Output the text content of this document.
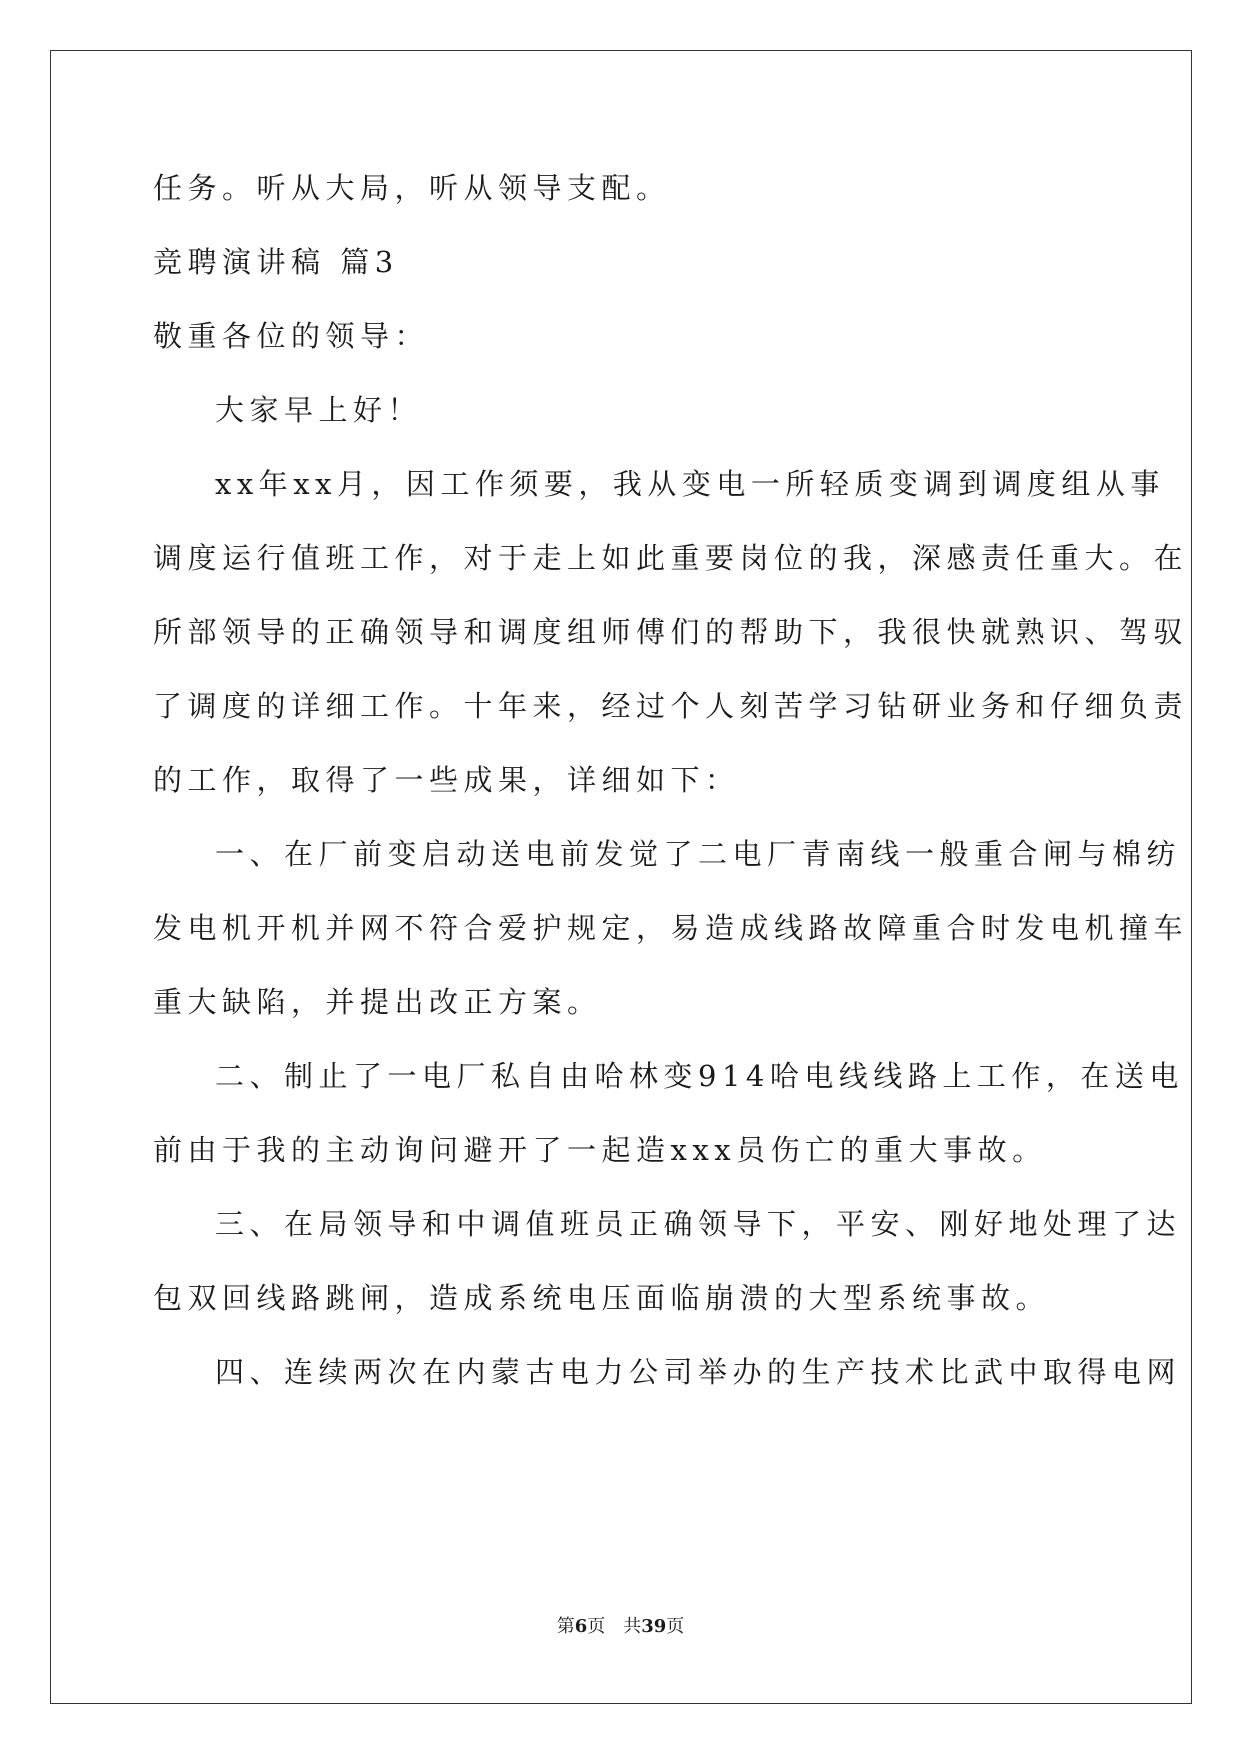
任务。听从大局，听从领导支配。
竞聘演讲稿 篇3
敬重各位的领导：
大家早上好！
xx年xx月，因工作须要，我从变电一所轻质变调到调度组从事
调度运行值班工作，对于走上如此重要岗位的我，深感责任重大。在
所部领导的正确领导和调度组师傅们的帮助下，我很快就熟识、驾驭
了调度的详细工作。十年来，经过个人刻苦学习钻研业务和仔细负责
的工作，取得了一些成果，详细如下：
一、在厂前变启动送电前发觉了二电厂青南线一般重合闸与棉纺
发电机开机并网不符合爱护规定，易造成线路故障重合时发电机撞车
重大缺陷，并提出改正方案。
二、制止了一电厂私自由哈林变914哈电线线路上工作，在送电
前由于我的主动询问避开了一起造xxx员伤亡的重大事故。
三、在局领导和中调值班员正确领导下，平安、刚好地处理了达
包双回线路跳闸，造成系统电压面临崩溃的大型系统事故。
四、连续两次在内蒙古电力公司举办的生产技术比武中取得电网
第6页 共39页
